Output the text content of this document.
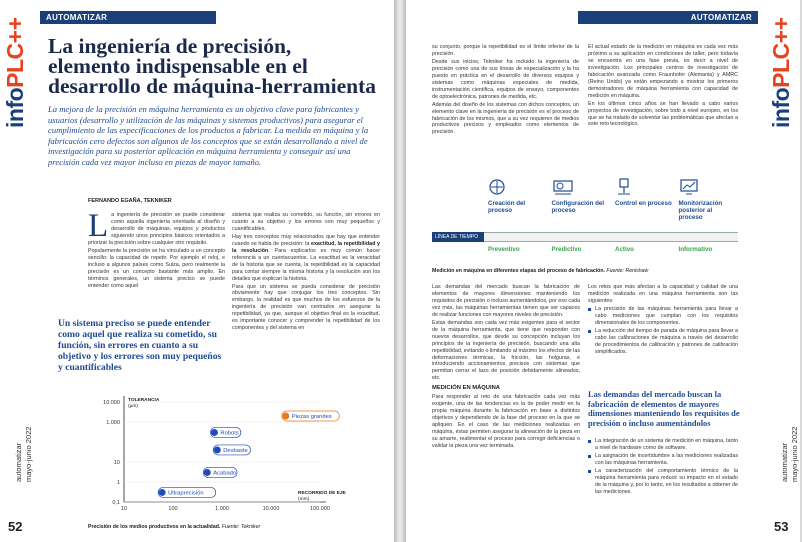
infoPLC++
automatizar mayo-junio 2022
52
AUTOMATIZAR
La ingeniería de precisión, elemento indispensable en el desarrollo de máquina-herramienta

La mejora de la precisión en máquina herramienta es un objetivo clave para fabricantes y usuarios (desarrollo y utilización de las máquinas y sistemas productivos) para asegurar el cumplimiento de las especificaciones de los productos a fabricar. La medida en máquina y la fabricación cero defectos son algunos de los conceptos que se están desarrollando a nivel de investigación para su posterior aplicación en máquina herramienta y conseguir así una precisión cada vez mayor incluso en piezas de mayor tamaño.

FERNANDO EGAÑA, TEKNIKER

La ingeniería de precisión se puede considerar como aquella ingeniería orientada al diseño y desarrollo de máquinas, equipos y productos siguiendo unos principios básicos orientados a priorizar la precisión sobre cualquier otro requisito.

Popularmente la precisión se ha vinculado a un concepto sencillo: la capacidad de repetir. Por ejemplo el reloj, e incluso a algunos países como Suiza, pero realmente la precisión es un concepto bastante más amplio. En términos generales, un sistema preciso se puede entender como aquel

Un sistema preciso se puede entender como aquel que realiza su cometido, su función, sin errores en cuanto a su objetivo y los errores son muy pequeños y cuantificables

sistema que realiza su cometido, su función, sin errores en cuanto a su objetivo y los errores son muy pequeños y cuantificables.

Hay tres conceptos muy relacionados que hay que entender cuando se habla de precisión: la exactitud, la repetibilidad y la resolución. Para explicarlos es muy común hacer referencia a un cuentacuentos. La exactitud es la veracidad de la historia que se cuenta, la repetibilidad es la capacidad para contar siempre la misma historia y la resolución son los detalles que explican la historia.

Para que un sistema se pueda considerar de precisión obviamente hay que conjugar los tres conceptos. Sin embargo, la realidad es que muchos de los esfuerzos de la ingeniería de precisión van centrados en asegurar la repetibilidad, ya que, aunque el objetivo final es la exactitud, es importante conocer y comprender la repetibilidad de los componentes y del sistema en

10.000
1.000
10
1
0,1
10	100	1.000	10.000	100.000
TOLERANCIA
(µm)
RECORRIDO DE EJE
(mm)
Piezas grandes
Robots
Desbaste
Acabado
Ultraprecisión
Precisión de los medios productivos en la actualidad. Fuente: Tekniker
infoPLC++
automatizar mayo-junio 2022
53
AUTOMATIZAR

su conjunto, porque la repetibilidad es el límite inferior de la precisión.

Desde sus inicios, Tekniker ha incluido la ingeniería de precisión como una de sus líneas de especialización y la ha puesto en práctica en el desarrollo de diversos equipos y sistemas como máquinas especiales de medida, instrumentación científica, equipos de ensayo, componentes de optoelectrónica, patrones de medida, etc.

Además del diseño de los sistemas con dichos conceptos, un elemento clave en la ingeniería de precisión es el proceso de fabricación de los mismos, que a su vez requieren de medios productivos precisos y empleados como elementos de precisión.

El actual estado de la medición en máquina es cada vez más próximo a su aplicación en condiciones de taller, pero todavía se encuentra en una fase previa, es decir a nivel de investigación. Los principales centros de investigación de fabricación avanzada como Fraunhofer (Alemania) y AMRC (Reino Unido) ya están empezando a mostrar los primeros demostradores de máquina herramienta con capacidad de medición en máquina.

En los últimos cinco años se han llevado a cabo varios proyectos de investigación, sobre todo a nivel europeo, en los que se ha tratado de solventar las problemáticas que afectan a este reto tecnológico.

Creación del proceso
Preventivo
Configuración del proceso
Predictivo
Control en proceso
Activo
Monitorización posterior al proceso
Informativo
LÍNEA DE TIEMPO
Medición en máquina en diferentes etapas del proceso de fabricación. Fuente: Renishaw

Las demandas del mercado buscan la fabricación de elementos de mayores dimensiones manteniendo los requisitos de precisión o incluso aumentándolos, por eso cada vez más, las máquinas herramientas tienen que ser capaces de realizar funciones con mayores niveles de precisión.

Estas demandas son cada vez más exigentes para el sector de la máquina herramienta, que tiene que responder con nuevos desarrollos, que desde su concepción incluyan los principios de la ingeniería de precisión, buscando una alta repetibilidad, evitando o limitando al máximo los efectos de las deformaciones térmicas, la fricción, las holguras, e introduciendo accionamientos precisos con sistemas que permitan cerrar el lazo de posición debidamente alineados, etc.

MEDICIÓN EN MÁQUINA

Para responder al reto de una fabricación cada vez más exigente, una de las tendencias es la de poder medir en la propia máquina durante la fabricación en base a distintos objetivos y dependiendo de la fase del proceso en la que se apliquen. En el caso de las mediciones realizadas en máquina, éstas permiten asegurar la alineación de la pieza en su amarre, realimentar el proceso para corregir deficiencias o validar la pieza una vez terminada.

Los retos que más afectan a la capacidad y calidad de una medición realizada en una máquina herramienta son las siguientes:

La precisión de las máquinas herramienta para llevar a cabo mediciones que cumplan con los requisitos dimensionales de los componentes.
La reducción del tiempo de parada de máquina para llevar a cabo las calibraciones de máquina a través del desarrollo de procedimientos de calibración y patrones de calibración simplificados.
Las demandas del mercado buscan la fabricación de elementos de mayores dimensiones manteniendo los requisitos de precisión o incluso aumentándolos
La integración de un sistema de medición en máquina, tanto a nivel de hardware como de software.
La asignación de incertidumbre a las mediciones realizadas con las máquinas herramienta.
La caracterización del comportamiento térmico de la máquina herramienta para reducir su impacto en el estado de la máquina y, por lo tanto, en los resultados a obtener de las mediciones.
